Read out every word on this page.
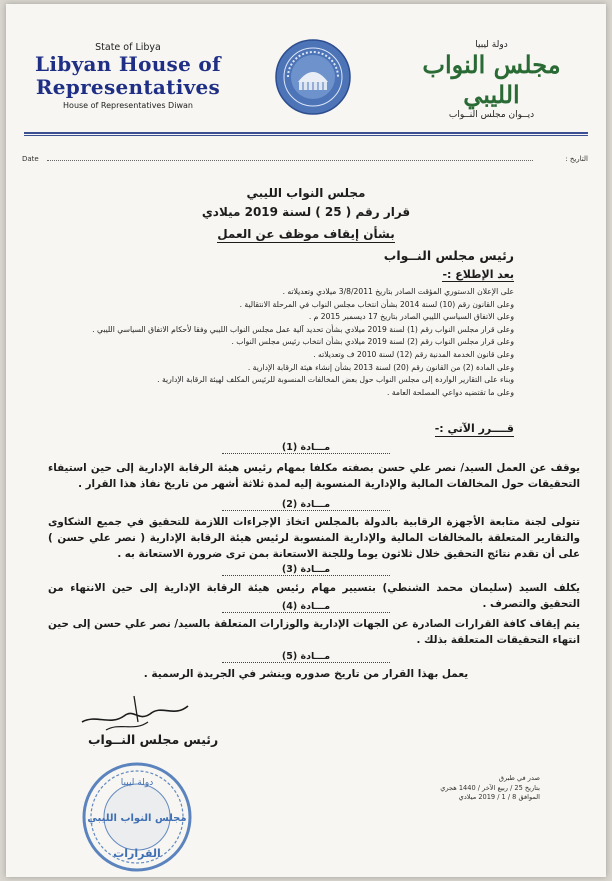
State of Libya
Libyan House of
Representatives
House of Representatives Diwan
دولة ليبيا
مجلس النواب الليبي
ديــوان مجلس النــواب
Date	التاريخ :
مجلس النواب الليبي
قرار رقم ( 25 ) لسنة 2019 ميلادي
بشأن إيقاف موظف عن العمل
رئيس مجلس النــواب
بعد الإطلاع :-
على الإعلان الدستوري المؤقت الصادر بتاريخ 3/8/2011 ميلادي وتعديلاته .
وعلى القانون رقم (10) لسنة 2014 بشأن انتخاب مجلس النواب في المرحلة الانتقالية .
وعلى الاتفاق السياسي الليبي الصادر بتاريخ 17 ديسمبر 2015 م .
وعلى قرار مجلس النواب رقم (1) لسنة 2019 ميلادي بشأن تحديد آلية عمل مجلس النواب الليبي وفقا لأحكام الاتفاق السياسي الليبي .
وعلى قرار مجلس النواب رقم (2) لسنة 2019 ميلادي بشأن انتخاب رئيس مجلس النواب .
وعلى قانون الخدمة المدنية رقم (12) لسنة 2010 ف وتعديلاته .
وعلى المادة (2) من القانون رقم (20) لسنة 2013 بشأن إنشاء هيئة الرقابة الإدارية .
وبناء على التقارير الواردة إلى مجلس النواب حول بعض المخالفات المنسوبة للرئيس المكلف لهيئة الرقابة الإدارية .
وعلى ما تقتضيه دواعي المصلحة العامة .
قــــرر الآتي :-
مـــادة (1)
يوقف عن العمل السيد/ نصر علي حسن بصفته مكلفا بمهام رئيس هيئة الرقابة الإدارية إلى حين استيفاء التحقيقات حول المخالفات المالية والإدارية المنسوبة إليه لمدة ثلاثة أشهر من تاريخ نفاذ هذا القرار .
مـــادة (2)
تتولى لجنة متابعة الأجهزة الرقابية بالدولة بالمجلس اتخاذ الإجراءات اللازمة للتحقيق في جميع الشكاوى والتقارير المتعلقة بالمخالفات المالية والإدارية المنسوبة لرئيس هيئة الرقابة الإدارية ( نصر علي حسن ) على أن تقدم نتائج التحقيق خلال ثلاثون يوما وللجنة الاستعانة بمن ترى ضرورة الاستعانة به .
مـــادة (3)
يكلف السيد (سليمان محمد الشنطي) بتسيير مهام رئيس هيئة الرقابة الإدارية إلى حين الانتهاء من التحقيق والتصرف .
مـــادة (4)
يتم إيقاف كافة القرارات الصادرة عن الجهات الإدارية والوزارات المتعلقة بالسيد/ نصر علي حسن إلى حين انتهاء التحقيقات المتعلقة بذلك .
مـــادة (5)
يعمل بهذا القرار من تاريخ صدوره وينشر في الجريدة الرسمية .
رئيس مجلس النــواب
دولة ليبيا
مجلس النواب الليبي
القرارات
صدر في طبرق
بتاريخ 25 / ربيع الآخر / 1440 هجري
الموافق 8 / 1 / 2019 ميلادي
